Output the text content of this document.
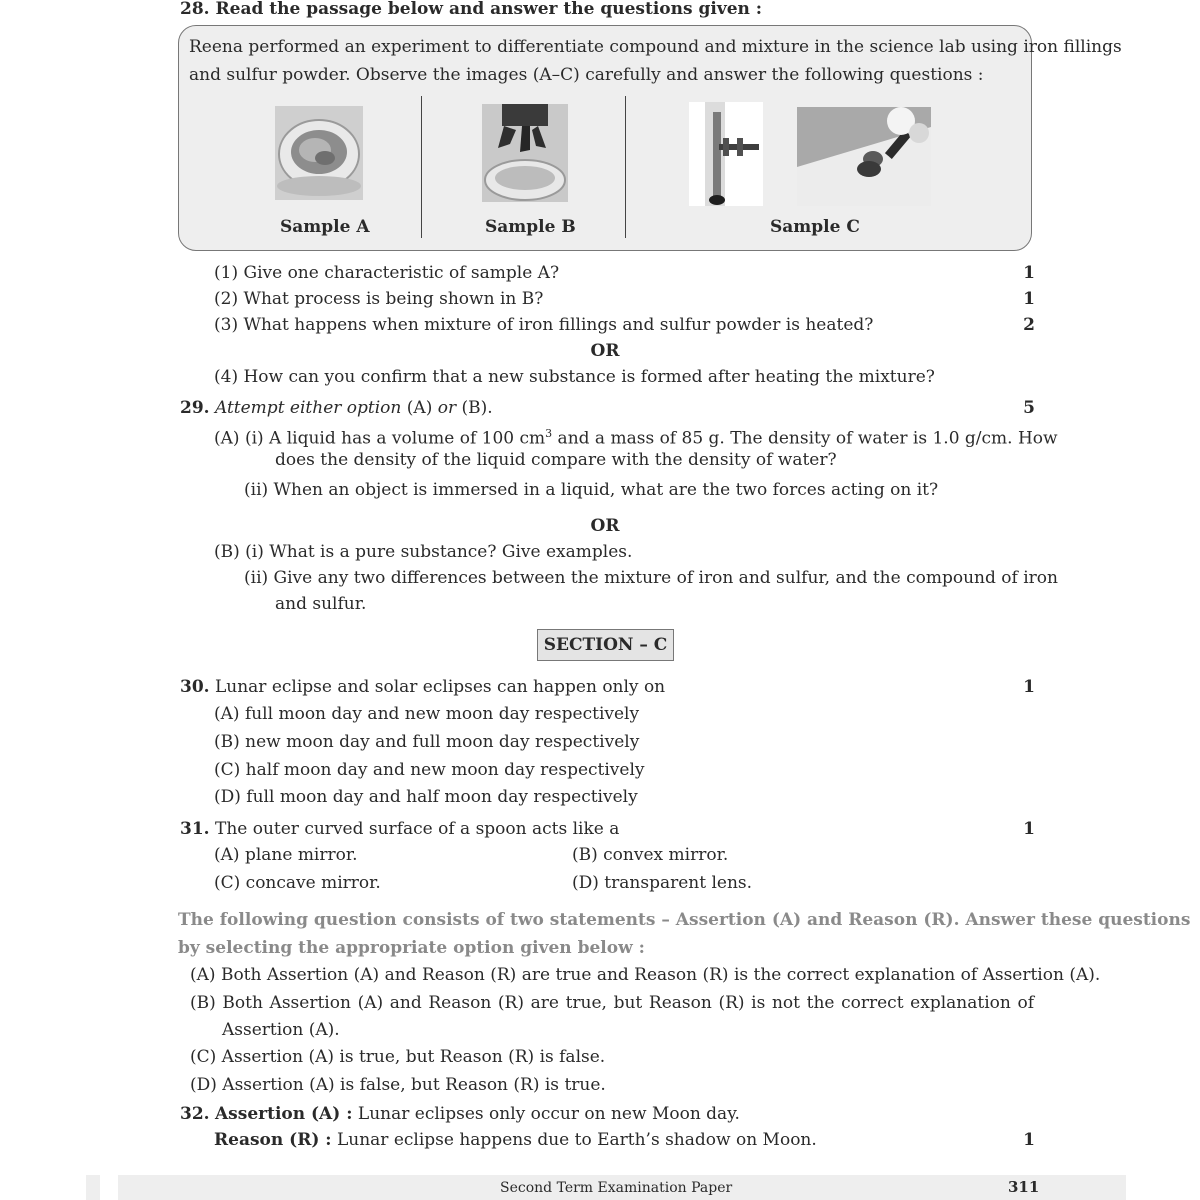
28. Read the passage below and answer the questions given :
Reena performed an experiment to differentiate compound and mixture in the science lab using iron fillings
and sulfur powder. Observe the images (A–C) carefully and answer the following questions :
Sample A	Sample B	Sample C
(1) Give one characteristic of sample A?	1
(2) What process is being shown in B?	1
(3) What happens when mixture of iron fillings and sulfur powder is heated?	2
OR
(4) How can you confirm that a new substance is formed after heating the mixture?
29. Attempt either option (A) or (B).	5
(A) (i) A liquid has a volume of 100 $cm^3$ and a mass of 85 g. The density of water is 1.0 g/cm. How
does the density of the liquid compare with the density of water?
(ii) When an object is immersed in a liquid, what are the two forces acting on it?
OR
(B) (i) What is a pure substance? Give examples.
(ii) Give any two differences between the mixture of iron and sulfur, and the compound of iron
and sulfur.
SECTION – C
30. Lunar eclipse and solar eclipses can happen only on	1
(A) full moon day and new moon day respectively
(B) new moon day and full moon day respectively
(C) half moon day and new moon day respectively
(D) full moon day and half moon day respectively
31. The outer curved surface of a spoon acts like a	1
(A) plane mirror.	(B) convex mirror.
(C) concave mirror.	(D) transparent lens.
The following question consists of two statements – Assertion (A) and Reason (R). Answer these questions
by selecting the appropriate option given below :
(A) Both Assertion (A) and Reason (R) are true and Reason (R) is the correct explanation of Assertion (A).
(B) Both Assertion (A) and Reason (R) are true, but Reason (R) is not the correct explanation of
Assertion (A).
(C) Assertion (A) is true, but Reason (R) is false.
(D) Assertion (A) is false, but Reason (R) is true.
32. Assertion (A) : Lunar eclipses only occur on new Moon day.
Reason (R) : Lunar eclipse happens due to Earth’s shadow on Moon.	1
Second Term Examination Paper	311
